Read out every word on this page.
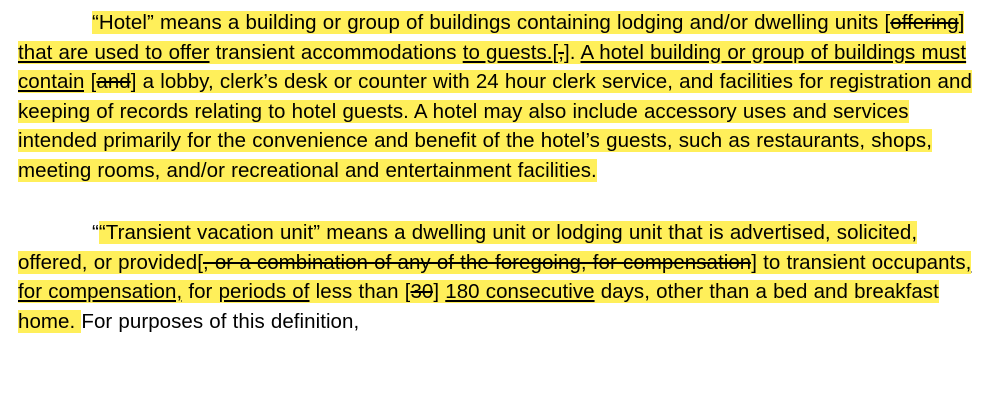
“Hotel” means a building or group of buildings containing lodging and/or dwelling units [offering] that are used to offer transient accommodations to guests.[,]. A hotel building or group of buildings must contain [and] a lobby, clerk’s desk or counter with 24 hour clerk service, and facilities for registration and keeping of records relating to hotel guests. A hotel may also include accessory uses and services intended primarily for the convenience and benefit of the hotel’s guests, such as restaurants, shops, meeting rooms, and/or recreational and entertainment facilities.

““Transient vacation unit” means a dwelling unit or lodging unit that is advertised, solicited, offered, or provided[, or a combination of any of the foregoing, for compensation] to transient occupants, for compensation, for periods of less than [30] 180 consecutive days, other than a bed and breakfast home. For purposes of this definition,
